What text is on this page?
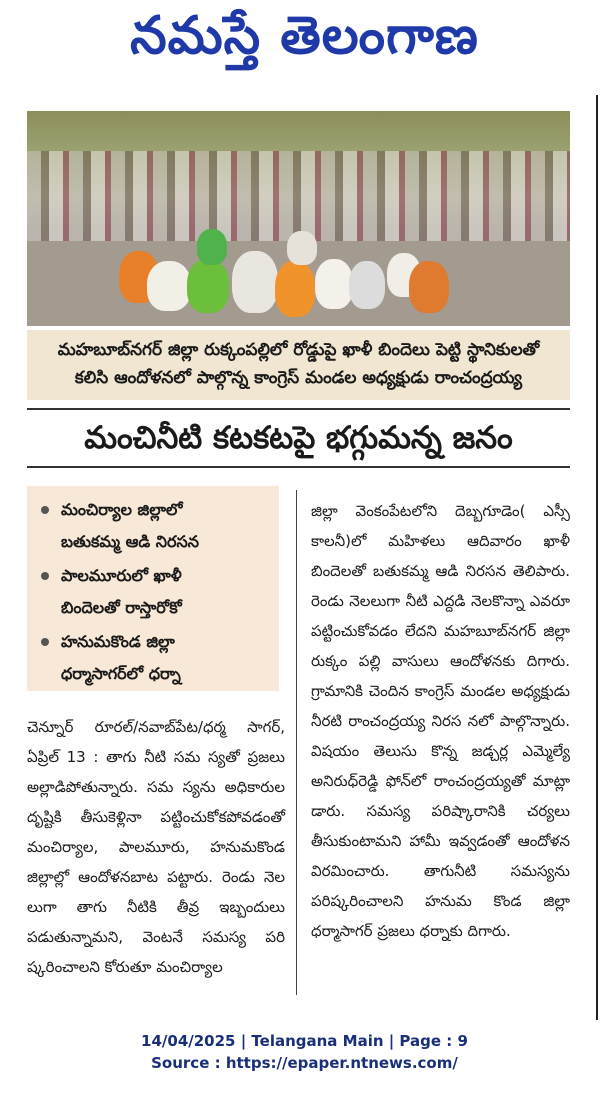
నమస్తే తెలంగాణ
మహబూబ్‌నగర్ జిల్లా రుక్కంపల్లిలో రోడ్డుపై ఖాళీ బిందెలు పెట్టి స్థానికులతో
కలిసి ఆందోళనలో పాల్గొన్న కాంగ్రెస్ మండల అధ్యక్షుడు రాంచంద్రయ్య
మంచినీటి కటకటపై భగ్గుమన్న జనం
మంచిర్యాల జిల్లాలో
బతుకమ్మ ఆడి నిరసన
పాలమూరులో ఖాళీ
బిందెలతో రాస్తారోకో
హనుమకొండ జిల్లా
ధర్మాసాగర్‌లో ధర్నా
చెన్నూర్ రూరల్/నవాబ్‌పేట/ధర్మ సాగర్, ఏప్రిల్ 13 : తాగు నీటి సమ స్యతో ప్రజలు అల్లాడిపోతున్నారు. సమ స్యను అధికారుల దృష్టికి తీసుకెళ్లినా పట్టించుకోకపోవడంతో మంచిర్యాల, పాలమూరు, హనుమకొండ జిల్లాల్లో ఆందోళనబాట పట్టారు. రెండు నెల లుగా తాగు నీటికి తీవ్ర ఇబ్బందులు పడుతున్నామని, వెంటనే సమస్య పరి ష్కరించాలని కోరుతూ మంచిర్యాల
జిల్లా వెంకంపేటలోని దెబ్బగూడెం( ఎస్సీ కాలనీ)లో మహిళలు ఆదివారం ఖాళీ బిందెలతో బతుకమ్మ ఆడి నిరసన తెలిపారు. రెండు నెలలుగా నీటి ఎద్దడి నెలకొన్నా ఎవరూ పట్టించుకోవడం లేదని మహబూబ్‌నగర్ జిల్లా రుక్కం పల్లి వాసులు ఆందోళనకు దిగారు. గ్రామానికి చెందిన కాంగ్రెస్ మండల అధ్యక్షుడు నీరటి రాంచంద్రయ్య నిరస నలో పాల్గొన్నారు. విషయం తెలుసు కొన్న జడ్చర్ల ఎమ్మెల్యే అనిరుధ్‌రెడ్డి ఫోన్‌లో రాంచంద్రయ్యతో మాట్లా డారు. సమస్య పరిష్కారానికి చర్యలు తీసుకుంటామని హామీ ఇవ్వడంతో ఆందోళన విరమించారు. తాగునీటి సమస్యను పరిష్కరించాలని హనుమ కొండ జిల్లా ధర్మాసాగర్ ప్రజలు ధర్నాకు దిగారు.
14/04/2025 | Telangana Main | Page : 9
Source : https://epaper.ntnews.com/
